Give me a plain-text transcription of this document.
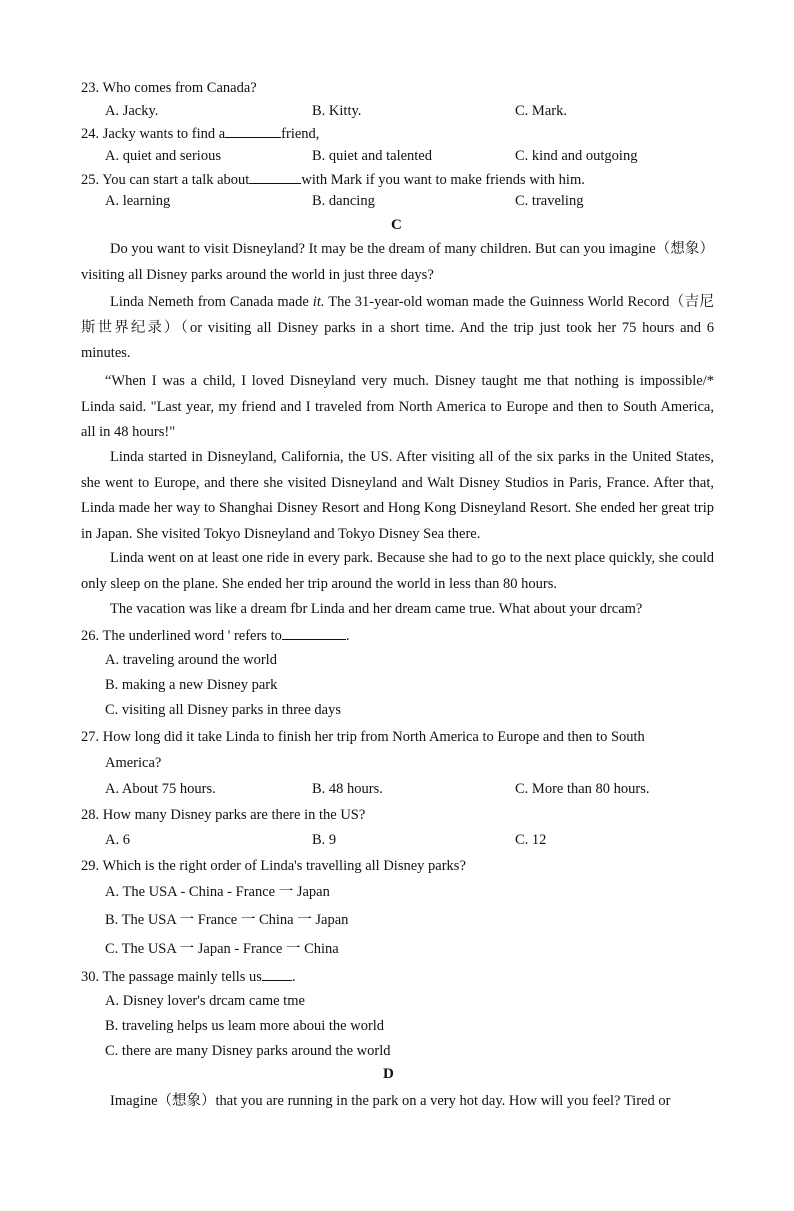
23. Who comes from Canada?
A. Jacky.	B. Kitty.	C. Mark.
24. Jacky wants to find a	friend,
A. quiet and serious	B. quiet and talented	C. kind and outgoing
25. You can start a talk about	with Mark if you want to make friends with him.
A. learning	B. dancing	C. traveling
C
Do you want to visit Disneyland? It may be the dream of many children. But can you imagine（想象）visiting all Disney parks around the world in just three days?
Linda Nemeth from Canada made it. The 31-year-old woman made the Guinness World Record（吉尼斯世界纪录）（or visiting all Disney parks in a short time. And the trip just took her 75 hours and 6 minutes.
“When I was a child, I loved Disneyland very much. Disney taught me that nothing is impossible/* Linda said. "Last year, my friend and I traveled from North America to Europe and then to South America, all in 48 hours!"
Linda started in Disneyland, California, the US. After visiting all of the six parks in the United States, she went to Europe, and there she visited Disneyland and Walt Disney Studios in Paris, France. After that, Linda made her way to Shanghai Disney Resort and Hong Kong Disneyland Resort. She ended her great trip in Japan. She visited Tokyo Disneyland and Tokyo Disney Sea there.
Linda went on at least one ride in every park. Because she had to go to the next place quickly, she could only sleep on the plane. She ended her trip around the world in less than 80 hours.
The vacation was like a dream fbr Linda and her dream came true. What about your drcam?
26. The underlined word ' refers to	.
A. traveling around the world
B. making a new Disney park
C. visiting all Disney parks in three days
27. How long did it take Linda to finish her trip from North America to Europe and then to South
America?
A. About 75 hours.	B. 48 hours.	C. More than 80 hours.
28. How many Disney parks are there in the US?
A. 6	B. 9	C. 12
29. Which is the right order of Linda's travelling all Disney parks?
A. The USA - China - France 一 Japan
B. The USA 一 France 一 China 一 Japan
C. The USA 一 Japan - France 一 China
30. The passage mainly tells us .
A. Disney lover's drcam came tme
B. traveling helps us leam more aboui the world
C. there are many Disney parks around the world
D
Imagine（想象）that you are running in the park on a very hot day. How will you feel? Tired or
